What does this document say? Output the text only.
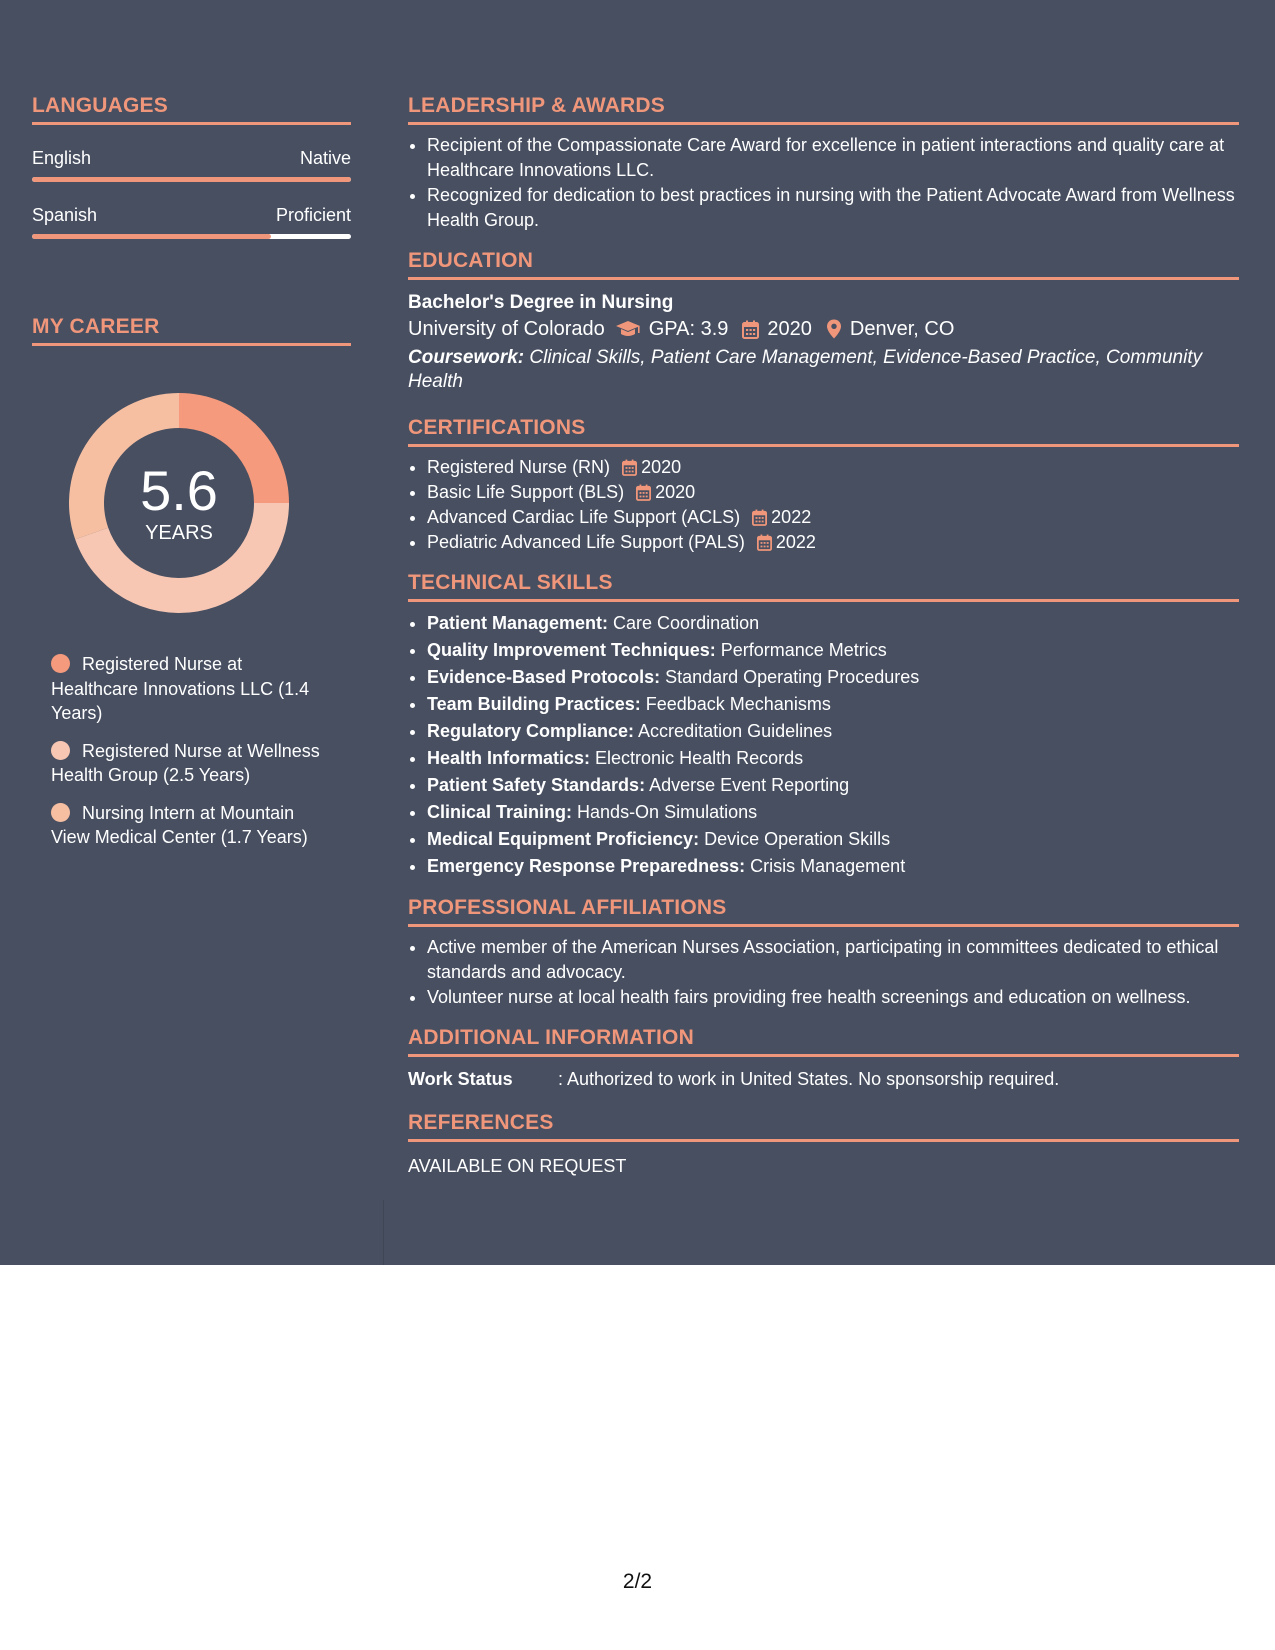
LANGUAGES
English	Native
Spanish	Proficient
MY CAREER
5.6
YEARS
Registered Nurse at Healthcare Innovations LLC (1.4 Years)
Registered Nurse at Wellness Health Group (2.5 Years)
Nursing Intern at Mountain View Medical Center (1.7 Years)
LEADERSHIP & AWARDS
• Recipient of the Compassionate Care Award for excellence in patient interactions and quality care at Healthcare Innovations LLC.
• Recognized for dedication to best practices in nursing with the Patient Advocate Award from Wellness Health Group.
EDUCATION
Bachelor's Degree in Nursing
University of Colorado GPA: 3.9 2020 Denver, CO
Coursework: Clinical Skills, Patient Care Management, Evidence-Based Practice, Community Health
CERTIFICATIONS
• Registered Nurse (RN) 2020
• Basic Life Support (BLS) 2020
• Advanced Cardiac Life Support (ACLS) 2022
• Pediatric Advanced Life Support (PALS) 2022
TECHNICAL SKILLS
• Patient Management: Care Coordination
• Quality Improvement Techniques: Performance Metrics
• Evidence-Based Protocols: Standard Operating Procedures
• Team Building Practices: Feedback Mechanisms
• Regulatory Compliance: Accreditation Guidelines
• Health Informatics: Electronic Health Records
• Patient Safety Standards: Adverse Event Reporting
• Clinical Training: Hands-On Simulations
• Medical Equipment Proficiency: Device Operation Skills
• Emergency Response Preparedness: Crisis Management
PROFESSIONAL AFFILIATIONS
• Active member of the American Nurses Association, participating in committees dedicated to ethical standards and advocacy.
• Volunteer nurse at local health fairs providing free health screenings and education on wellness.
ADDITIONAL INFORMATION
Work Status	: Authorized to work in United States. No sponsorship required.
REFERENCES
AVAILABLE ON REQUEST
2/2
